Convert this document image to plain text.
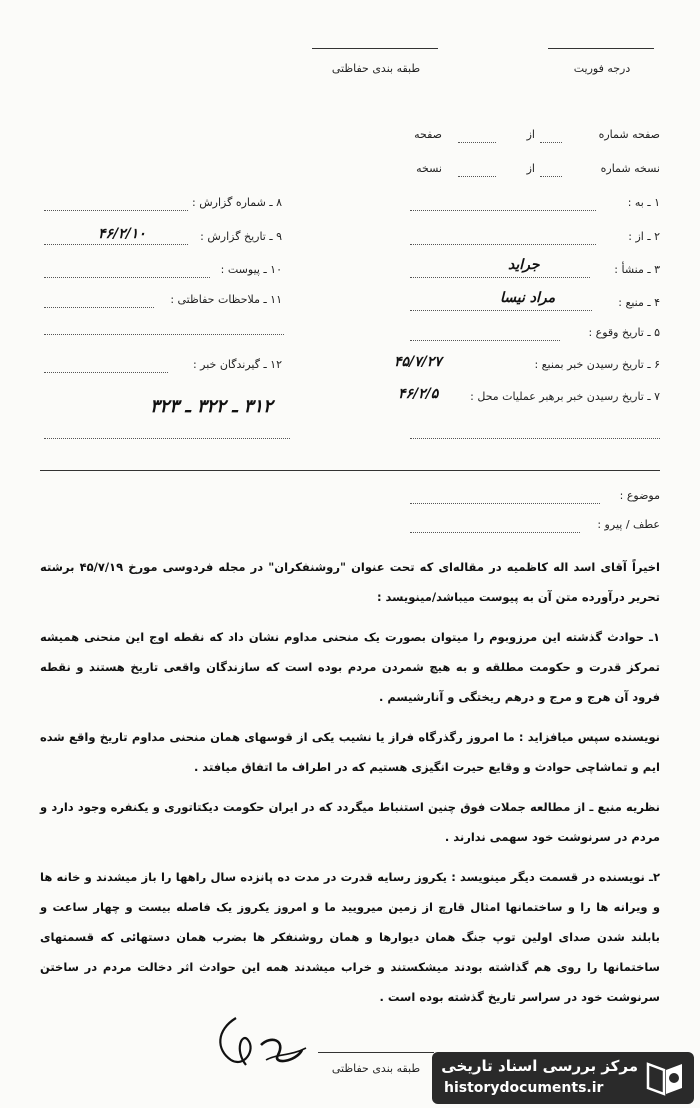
طبقه بندی حفاظتی	درجه فوریت
صفحه شماره
از
صفحه
نسخه شماره
از
نسخه
۸ ـ شماره گزارش :
۹ ـ تاریخ گزارش :
۴۶/۲/۱۰
۱۰ ـ پیوست :
۱۱ ـ ملاحظات حفاظتی :
۱۲ ـ گیرندگان خبر :
۳۱۲ ـ ۳۲۲ ـ ۳۲۳
۱ ـ به :
۲ ـ از :
۳ ـ منشأ :
جراید
۴ ـ منبع :
مراد نیسا
۵ ـ تاریخ وقوع :
۶ ـ تاریخ رسیدن خبر بمنبع :
۴۵/۷/۲۷
۷ ـ تاریخ رسیدن خبر برهبر عملیات محل :
۴۶/۲/۵
موضوع :
عطف / پیرو :

اخیراً آقای اسد اله کاظمیه در مقاله‌ای که تحت عنوان "روشنفکران" در مجله فردوسی مورخ ۴۵/۷/۱۹ برشته تحریر درآورده متن آن به پیوست میباشد/مینویسد :

۱ـ حوادث گذشته این مرزوبوم را میتوان بصورت یک منحنی مداوم نشان داد که نقطه اوج این منحنی همیشه تمرکز قدرت و حکومت مطلقه و به هیچ شمردن مردم بوده است که سازندگان واقعی تاریخ هستند و نقطه فرود آن هرج و مرج و درهم ریختگی و آنارشیسم .

نویسنده سپس میافزاید : ما امروز رگذرگاه فراز یا نشیب یکی از قوسهای همان منحنی مداوم تاریخ واقع شده ایم و تماشاچی حوادث و وقایع حیرت انگیزی هستیم که در اطراف ما اتفاق میافتد .

نظریه منبع ـ از مطالعه جملات فوق چنین استنباط میگردد که در ایران حکومت دیکتاتوری و یکنفره وجود دارد و مردم در سرنوشت خود سهمی ندارند .

۲ـ نویسنده در قسمت دیگر مینویسد : یکروز رسایه قدرت در مدت ده پانزده سال راهها را باز میشدند و خانه ها و ویرانه ها را و ساختمانها امثال قارچ از زمین میرویید ما و امروز یکروز یک فاصله بیست و چهار ساعت و بابلند شدن صدای اولین توپ جنگ همان دیوارها و همان روشنفکر ها بضرب همان دستهائی که قسمتهای ساختمانها را روی هم گذاشته بودند میشکستند و خراب میشدند همه این حوادث اثر دخالت مردم در ساختن سرنوشت خود در سراسر تاریخ گذشته بوده است .

طبقه بندی حفاظتی	مرکز بررسی اسناد تاریخی
historydocuments.ir
